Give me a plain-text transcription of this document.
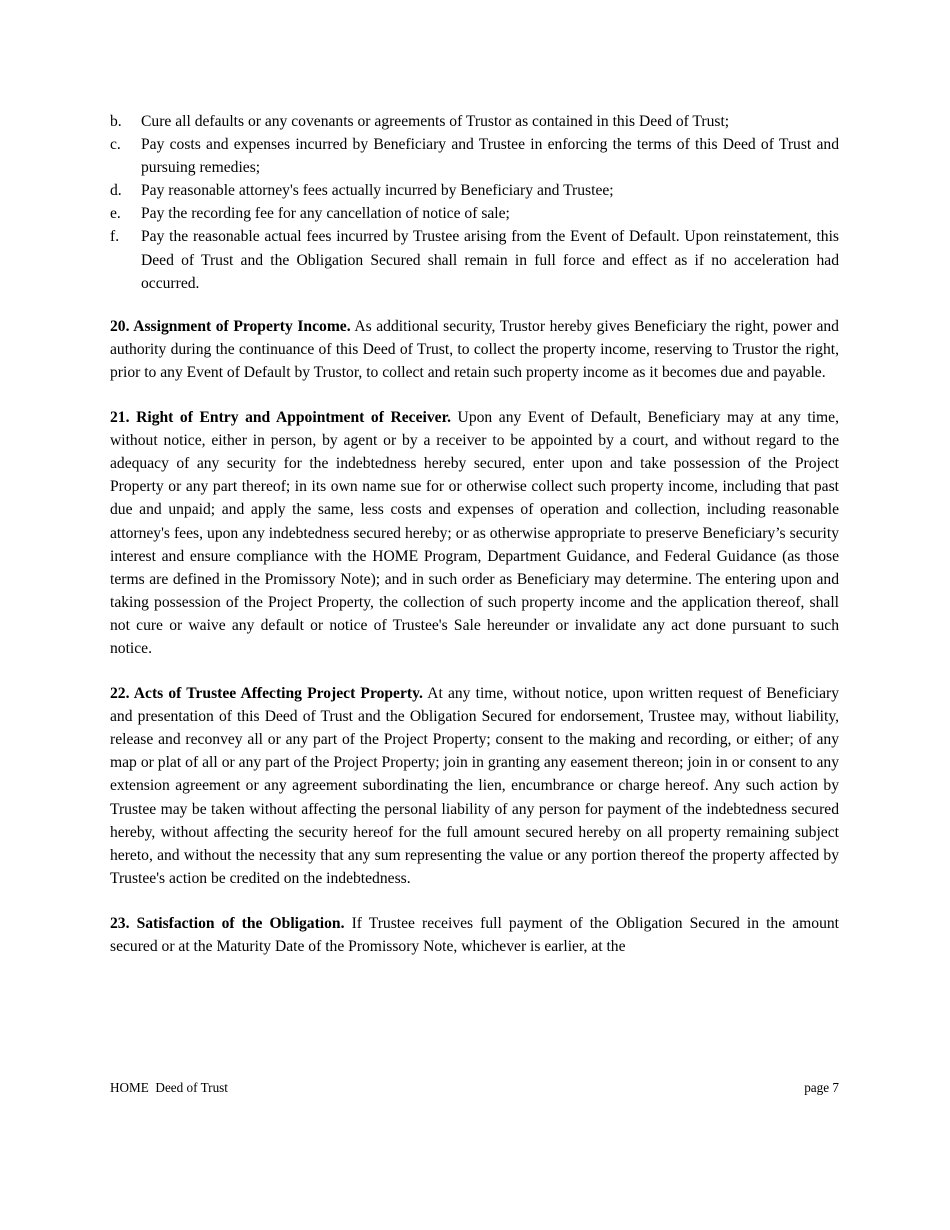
b.	Cure all defaults or any covenants or agreements of Trustor as contained in this Deed of Trust;
c.	Pay costs and expenses incurred by Beneficiary and Trustee in enforcing the terms of this Deed of Trust and pursuing remedies;
d.	Pay reasonable attorney's fees actually incurred by Beneficiary and Trustee;
e.	Pay the recording fee for any cancellation of notice of sale;
f.	Pay the reasonable actual fees incurred by Trustee arising from the Event of Default. Upon reinstatement, this Deed of Trust and the Obligation Secured shall remain in full force and effect as if no acceleration had occurred.

20. Assignment of Property Income. As additional security, Trustor hereby gives Beneficiary the right, power and authority during the continuance of this Deed of Trust, to collect the property income, reserving to Trustor the right, prior to any Event of Default by Trustor, to collect and retain such property income as it becomes due and payable.

21. Right of Entry and Appointment of Receiver. Upon any Event of Default, Beneficiary may at any time, without notice, either in person, by agent or by a receiver to be appointed by a court, and without regard to the adequacy of any security for the indebtedness hereby secured, enter upon and take possession of the Project Property or any part thereof; in its own name sue for or otherwise collect such property income, including that past due and unpaid; and apply the same, less costs and expenses of operation and collection, including reasonable attorney's fees, upon any indebtedness secured hereby; or as otherwise appropriate to preserve Beneficiary’s security interest and ensure compliance with the HOME Program, Department Guidance, and Federal Guidance (as those terms are defined in the Promissory Note); and in such order as Beneficiary may determine. The entering upon and taking possession of the Project Property, the collection of such property income and the application thereof, shall not cure or waive any default or notice of Trustee's Sale hereunder or invalidate any act done pursuant to such notice.

22. Acts of Trustee Affecting Project Property. At any time, without notice, upon written request of Beneficiary and presentation of this Deed of Trust and the Obligation Secured for endorsement, Trustee may, without liability, release and reconvey all or any part of the Project Property; consent to the making and recording, or either; of any map or plat of all or any part of the Project Property; join in granting any easement thereon; join in or consent to any extension agreement or any agreement subordinating the lien, encumbrance or charge hereof. Any such action by Trustee may be taken without affecting the personal liability of any person for payment of the indebtedness secured hereby, without affecting the security hereof for the full amount secured hereby on all property remaining subject hereto, and without the necessity that any sum representing the value or any portion thereof the property affected by Trustee's action be credited on the indebtedness.

23. Satisfaction of the Obligation. If Trustee receives full payment of the Obligation Secured in the amount secured or at the Maturity Date of the Promissory Note, whichever is earlier, at the

HOME  Deed of Trust	page 7
